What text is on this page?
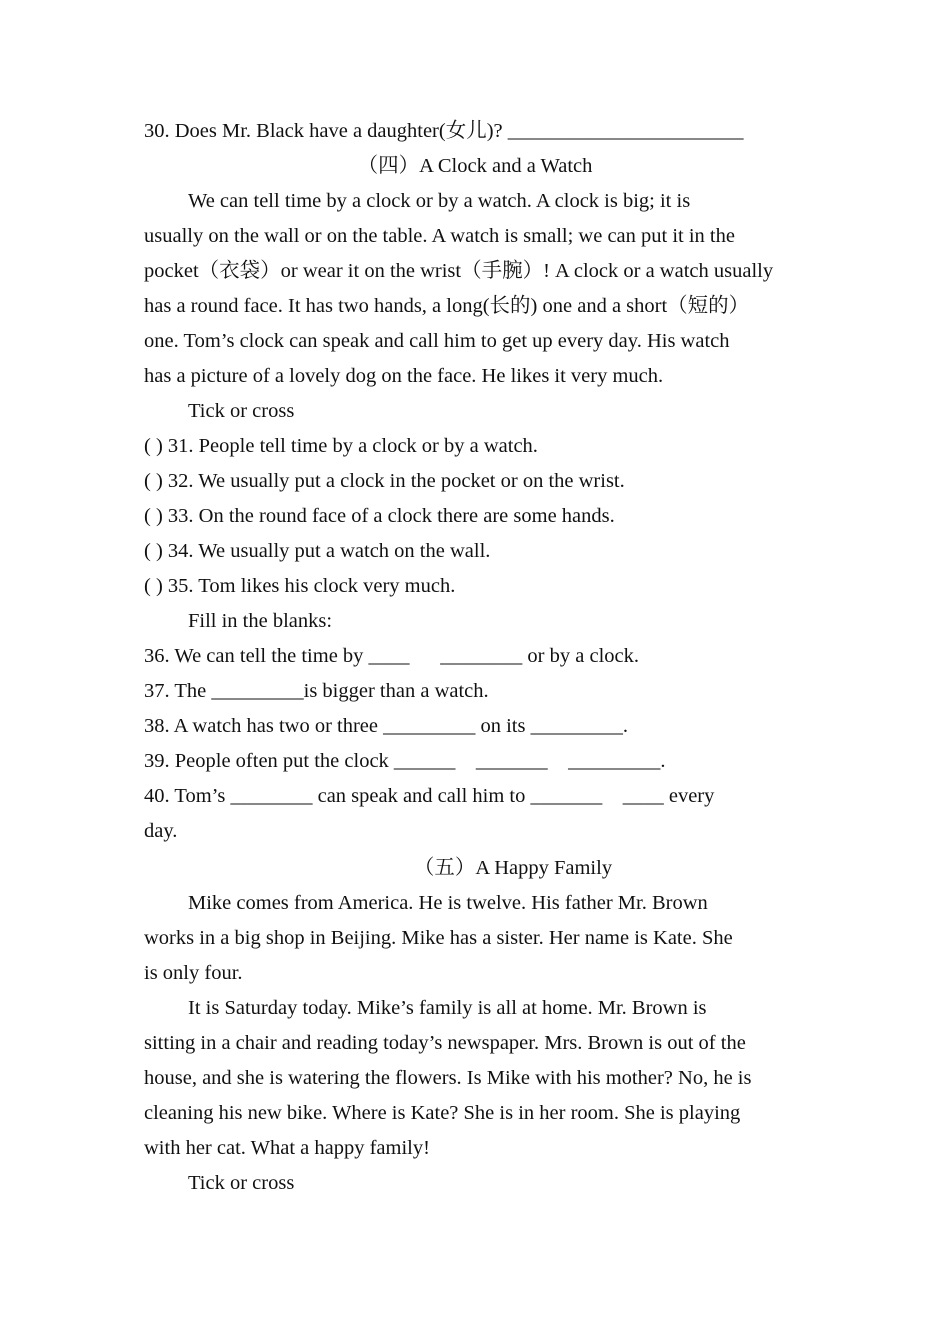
30. Does Mr. Black have a daughter(女儿)? _______________________
（四）A Clock and a Watch
We can tell time by a clock or by a watch. A clock is big; it is
usually on the wall or on the table. A watch is small; we can put it in the
pocket（衣袋）or wear it on the wrist（手腕）! A clock or a watch usually
has a round face. It has two hands, a long(长的) one and a short（短的）
one. Tom’s clock can speak and call him to get up every day. His watch
has a picture of a lovely dog on the face. He likes it very much.
Tick or cross
( ) 31. People tell time by a clock or by a watch.
( ) 32. We usually put a clock in the pocket or on the wrist.
( ) 33. On the round face of a clock there are some hands.
( ) 34. We usually put a watch on the wall.
( ) 35. Tom likes his clock very much.
Fill in the blanks:
36. We can tell the time by ____      ________ or by a clock.
37. The _________is bigger than a watch.
38. A watch has two or three _________ on its _________.
39. People often put the clock ______    _______    _________.
40. Tom’s ________ can speak and call him to _______    ____ every
day.
（五）A Happy Family
Mike comes from America. He is twelve. His father Mr. Brown
works in a big shop in Beijing. Mike has a sister. Her name is Kate. She
is only four.
It is Saturday today. Mike’s family is all at home. Mr. Brown is
sitting in a chair and reading today’s newspaper. Mrs. Brown is out of the
house, and she is watering the flowers. Is Mike with his mother? No, he is
cleaning his new bike. Where is Kate? She is in her room. She is playing
with her cat. What a happy family!
Tick or cross
